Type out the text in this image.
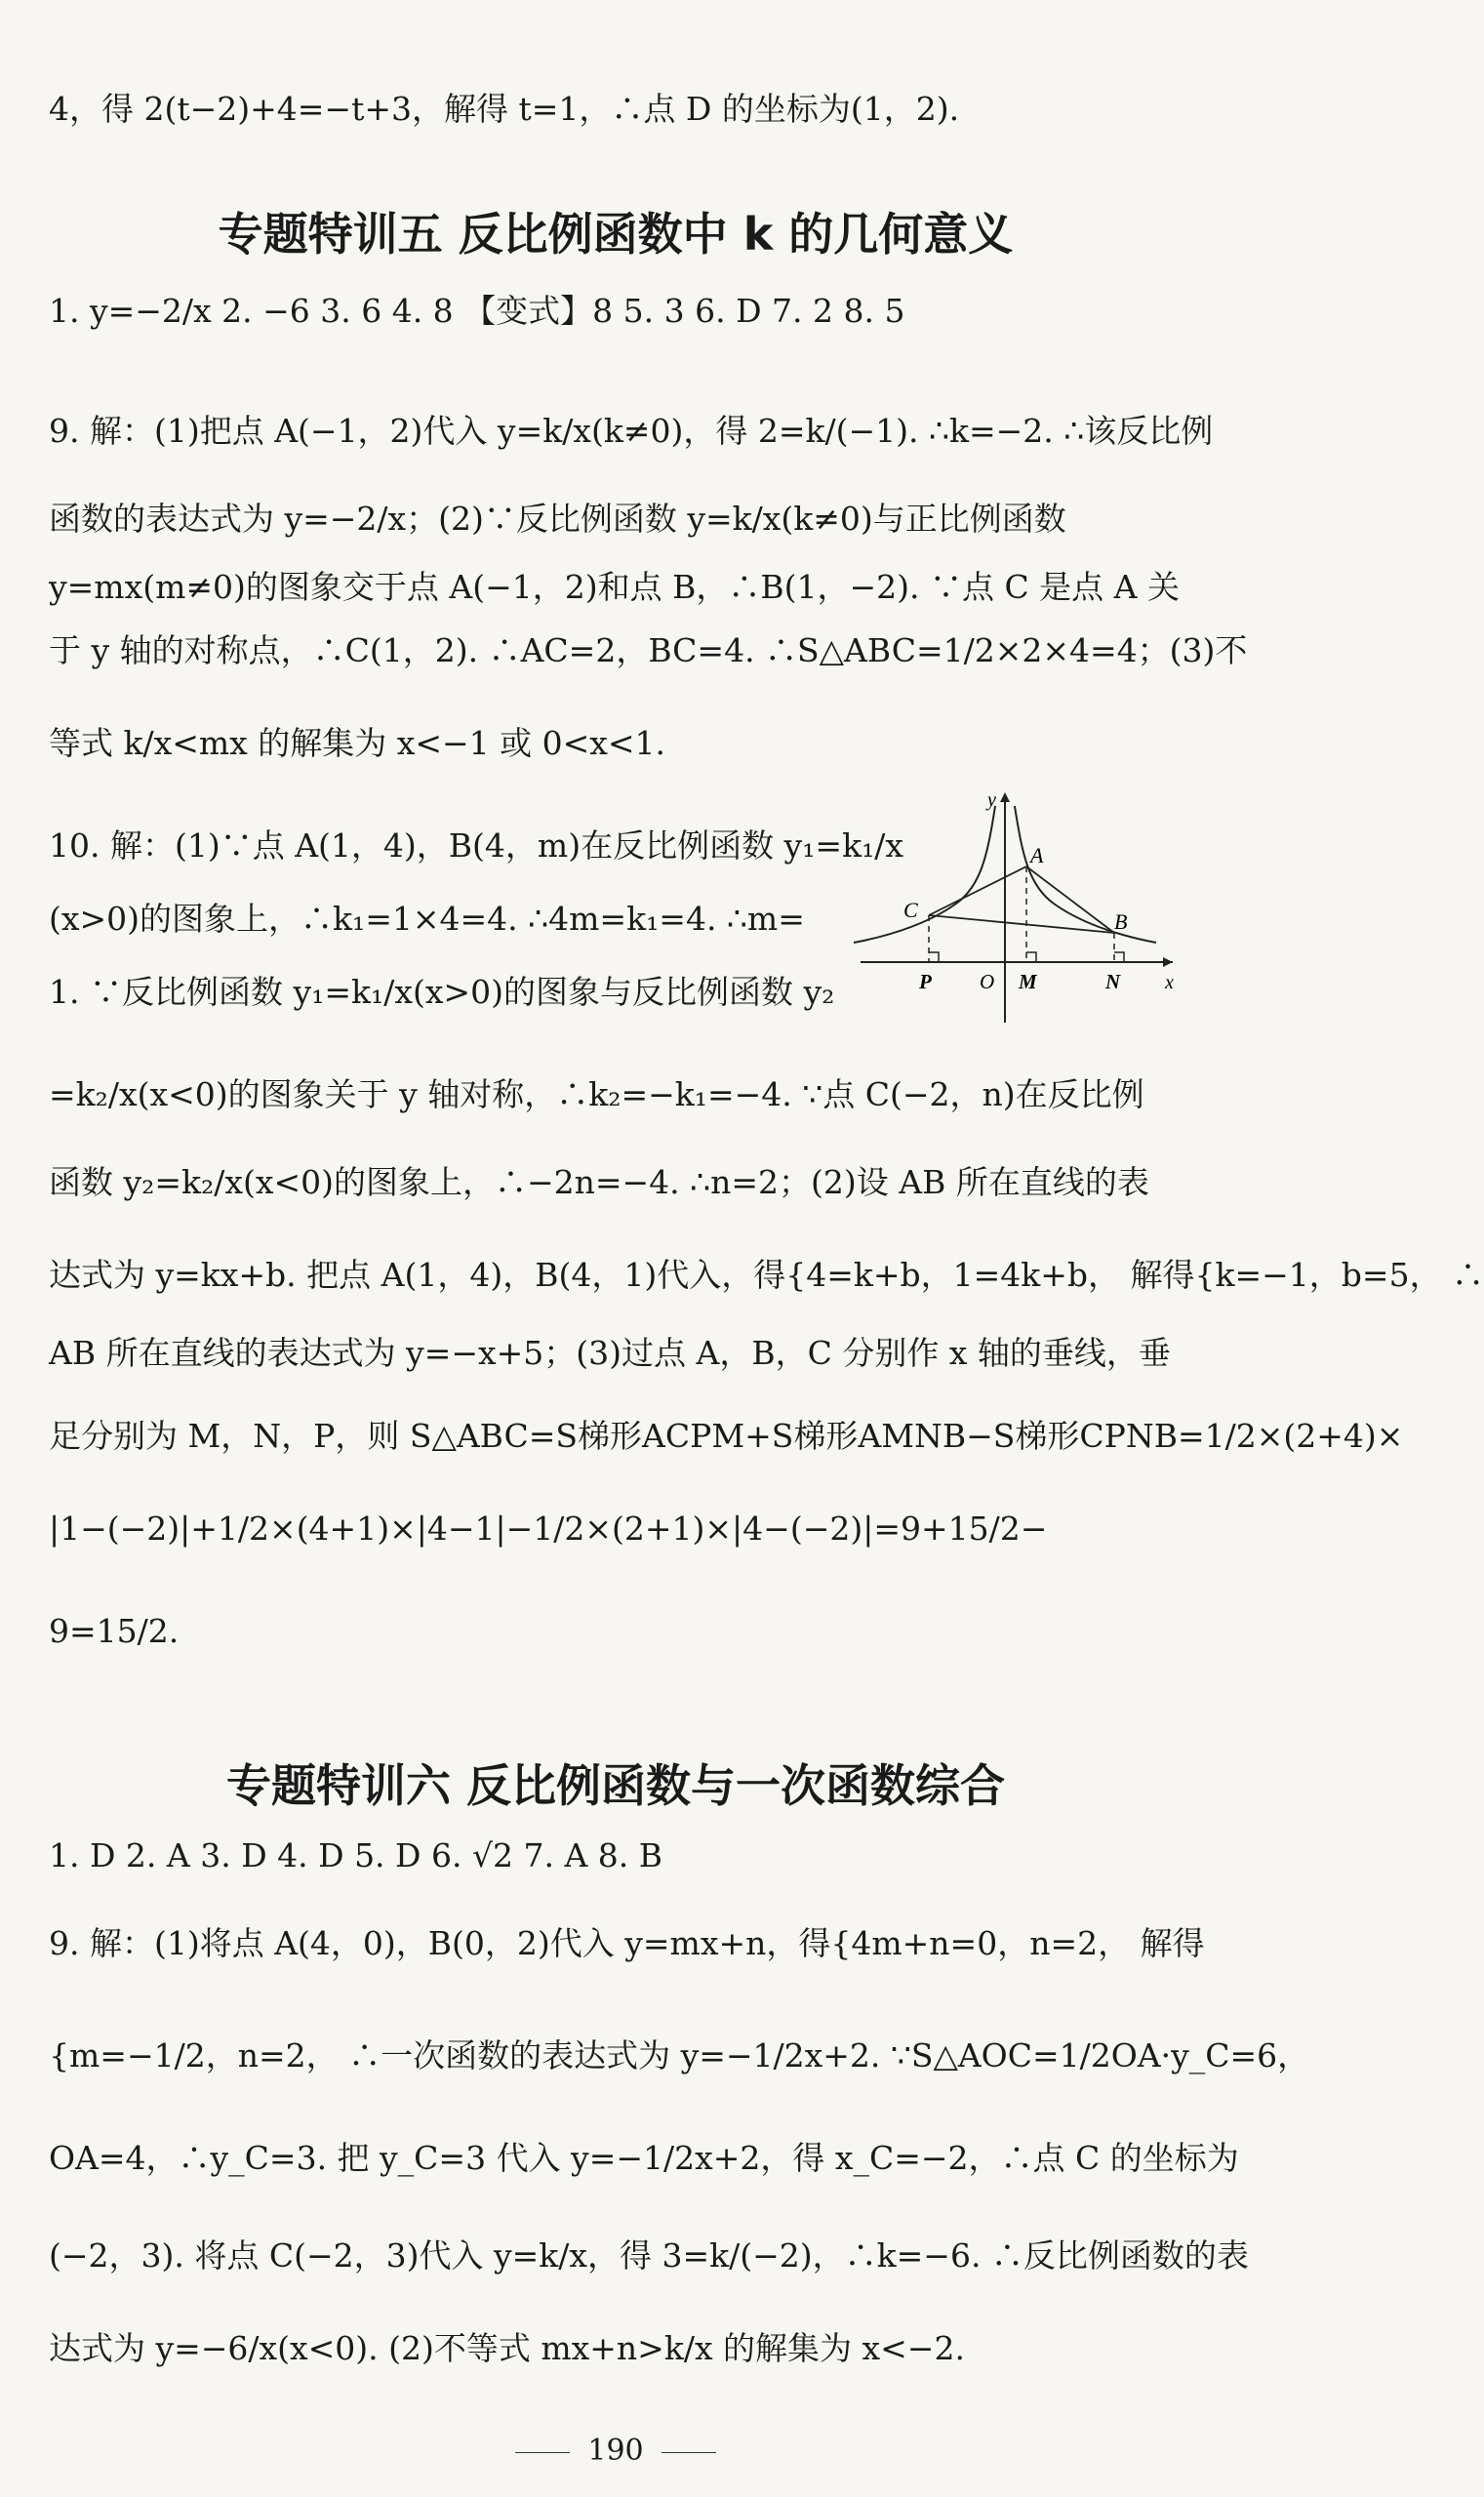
4，得 2(t−2)+4=−t+3，解得 t=1，∴点 D 的坐标为(1，2).
专题特训五 反比例函数中 k 的几何意义
1. y=−2/x 2. −6 3. 6 4. 8 【变式】8 5. 3 6. D 7. 2 8. 5
9. 解：(1)把点 A(−1，2)代入 y=k/x(k≠0)，得 2=k/(−1). ∴k=−2. ∴该反比例
函数的表达式为 y=−2/x；(2)∵反比例函数 y=k/x(k≠0)与正比例函数
y=mx(m≠0)的图象交于点 A(−1，2)和点 B，∴B(1，−2). ∵点 C 是点 A 关
于 y 轴的对称点，∴C(1，2). ∴AC=2，BC=4. ∴S△ABC=1/2×2×4=4；(3)不
等式 k/x<mx 的解集为 x<−1 或 0<x<1.
10. 解：(1)∵点 A(1，4)，B(4，m)在反比例函数 y₁=k₁/x
(x>0)的图象上，∴k₁=1×4=4. ∴4m=k₁=4. ∴m=
1. ∵反比例函数 y₁=k₁/x(x>0)的图象与反比例函数 y₂
y
x
A
B
C
P O M	N
=k₂/x(x<0)的图象关于 y 轴对称，∴k₂=−k₁=−4. ∵点 C(−2，n)在反比例
函数 y₂=k₂/x(x<0)的图象上，∴−2n=−4. ∴n=2；(2)设 AB 所在直线的表
达式为 y=kx+b. 把点 A(1，4)，B(4，1)代入，得{4=k+b，1=4k+b， 解得{k=−1，b=5， ∴
AB 所在直线的表达式为 y=−x+5；(3)过点 A，B，C 分别作 x 轴的垂线，垂
足分别为 M，N，P，则 S△ABC=S梯形ACPM+S梯形AMNB−S梯形CPNB=1/2×(2+4)×
|1−(−2)|+1/2×(4+1)×|4−1|−1/2×(2+1)×|4−(−2)|=9+15/2−
9=15/2.
专题特训六 反比例函数与一次函数综合
1. D 2. A 3. D 4. D 5. D 6. √2 7. A 8. B
9. 解：(1)将点 A(4，0)，B(0，2)代入 y=mx+n，得{4m+n=0，n=2， 解得
{m=−1/2，n=2， ∴一次函数的表达式为 y=−1/2x+2. ∵S△AOC=1/2OA·y_C=6，
OA=4，∴y_C=3. 把 y_C=3 代入 y=−1/2x+2，得 x_C=−2，∴点 C 的坐标为
(−2，3). 将点 C(−2，3)代入 y=k/x，得 3=k/(−2)，∴k=−6. ∴反比例函数的表
达式为 y=−6/x(x<0). (2)不等式 mx+n>k/x 的解集为 x<−2.
190
